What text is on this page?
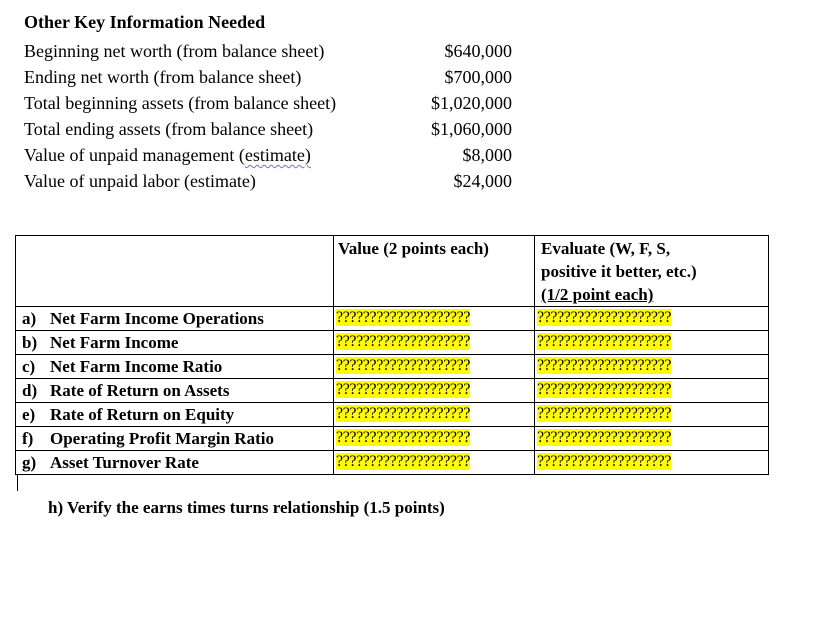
Other Key Information Needed
Beginning net worth (from balance sheet)	$640,000
Ending net worth (from balance sheet)	$700,000
Total beginning assets (from balance sheet)	$1,020,000
Total ending assets (from balance sheet)	$1,060,000
Value of unpaid management (estimate)	$8,000
Value of unpaid labor (estimate)	$24,000
	Value (2 points each)	Evaluate (W, F, S,
positive it better, etc.)
(1/2 point each)
a) Net Farm Income Operations	????????????????????	????????????????????
b) Net Farm Income	????????????????????	????????????????????
c) Net Farm Income Ratio	????????????????????	????????????????????
d) Rate of Return on Assets	????????????????????	????????????????????
e) Rate of Return on Equity	????????????????????	????????????????????
f) Operating Profit Margin Ratio	????????????????????	????????????????????
g) Asset Turnover Rate	????????????????????	????????????????????
h) Verify the earns times turns relationship (1.5 points)
